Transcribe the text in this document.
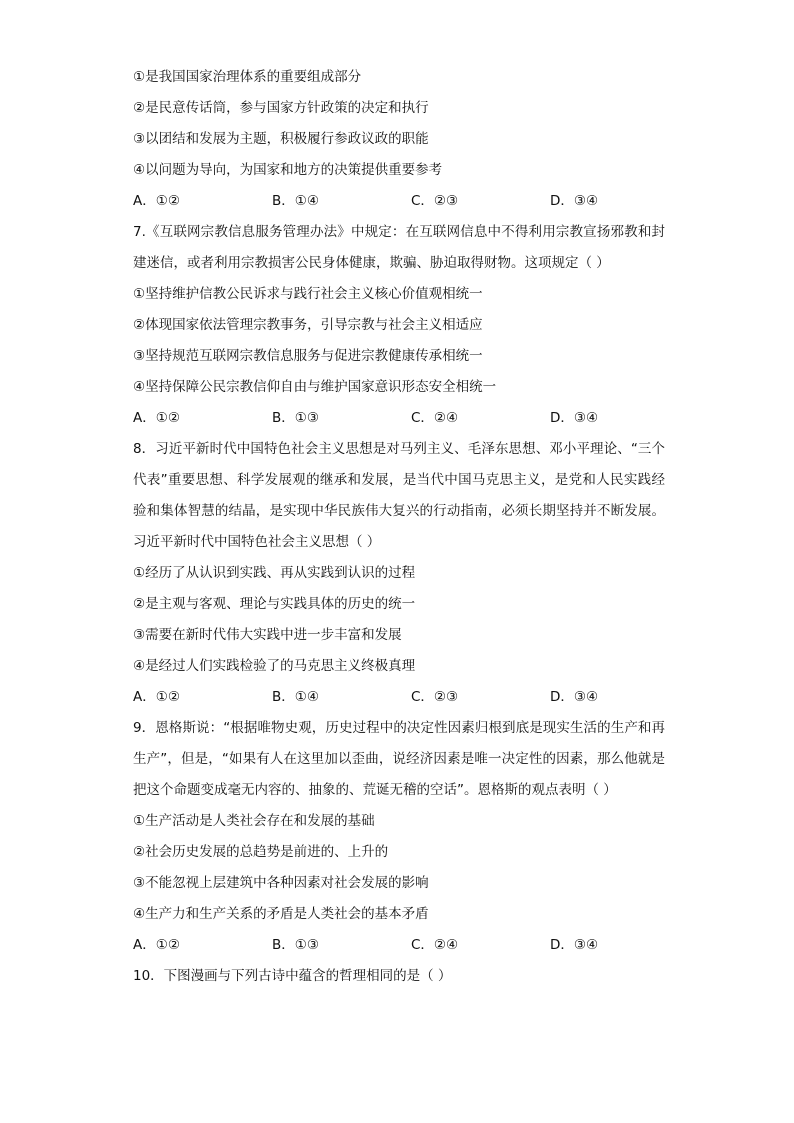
①是我国国家治理体系的重要组成部分
②是民意传话筒，参与国家方针政策的决定和执行
③以团结和发展为主题，积极履行参政议政的职能
④以问题为导向，为国家和地方的决策提供重要参考
A．①②	B．①④	C．②③	D．③④
7.《互联网宗教信息服务管理办法》中规定：在互联网信息中不得利用宗教宣扬邪教和封建迷信，或者利用宗教损害公民身体健康，欺骗、胁迫取得财物。这项规定（ ）
①坚持维护信教公民诉求与践行社会主义核心价值观相统一
②体现国家依法管理宗教事务，引导宗教与社会主义相适应
③坚持规范互联网宗教信息服务与促进宗教健康传承相统一
④坚持保障公民宗教信仰自由与维护国家意识形态安全相统一
A．①②	B．①③	C．②④	D．③④
8．习近平新时代中国特色社会主义思想是对马列主义、毛泽东思想、邓小平理论、“三个代表”重要思想、科学发展观的继承和发展，是当代中国马克思主义，是党和人民实践经验和集体智慧的结晶，是实现中华民族伟大复兴的行动指南，必须长期坚持并不断发展。习近平新时代中国特色社会主义思想（ ）
①经历了从认识到实践、再从实践到认识的过程
②是主观与客观、理论与实践具体的历史的统一
③需要在新时代伟大实践中进一步丰富和发展
④是经过人们实践检验了的马克思主义终极真理
A．①②	B．①④	C．②③	D．③④
9．恩格斯说：“根据唯物史观，历史过程中的决定性因素归根到底是现实生活的生产和再生产”，但是，“如果有人在这里加以歪曲，说经济因素是唯一决定性的因素，那么他就是把这个命题变成毫无内容的、抽象的、荒诞无稽的空话”。恩格斯的观点表明（ ）
①生产活动是人类社会存在和发展的基础
②社会历史发展的总趋势是前进的、上升的
③不能忽视上层建筑中各种因素对社会发展的影响
④生产力和生产关系的矛盾是人类社会的基本矛盾
A．①②	B．①③	C．②④	D．③④
10．下图漫画与下列古诗中蕴含的哲理相同的是（ ）
